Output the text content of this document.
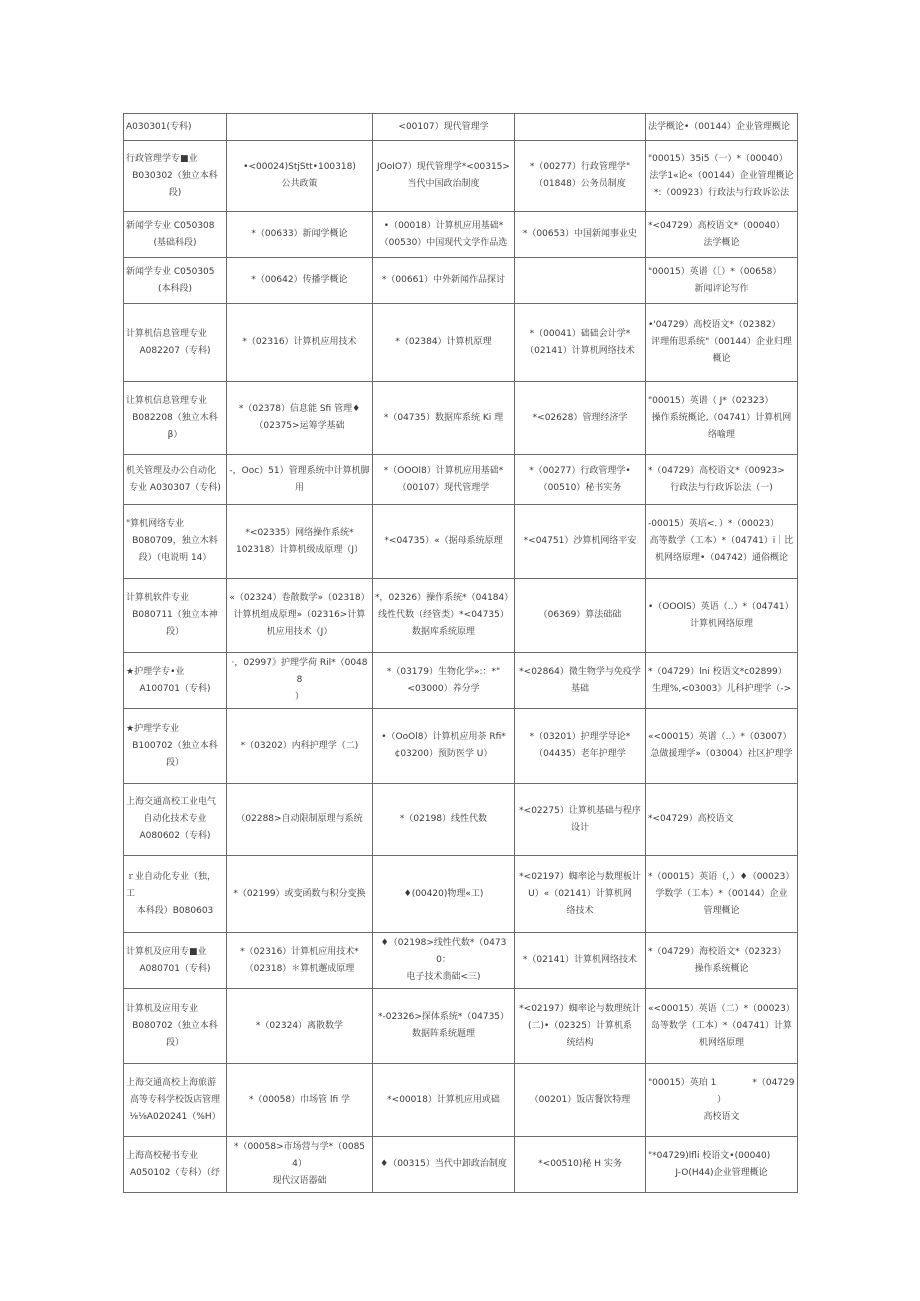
A030301(专科)		<00107）现代管理学		法学概论•（00144）企业管理概论

行政管理学专■业
B030302（独立本科
段)	•<00024)StjStt•100318)
公共政策	JOoIO7）现代管理学*<00315>
当代中国政治制度	*（00277）行政管理学"
（01848）公务员制度	"00015）35i5（一）*（00040）
法学1«论«（00144）企业管理概论
*:（00923）行政法与行政诉讼法

新闻学专业 C050308
(基础科段)	*（00633）新闻学概论	•（00018）计算机应用基础*
（00530）中国现代文学作品选	*（00653）中国新闻事业史	*<04729）高校语文*（00040）
法学概论

新闻学专业 C050305
(本科段)	*（00642）传播学概论	*（00661）中外新闻作品探讨		"00015）英谱（［）*（00658）
新闻评论写作

计算机信息管理专业
A082207（专科)	*（02316）计算机应用技术	*（02384）计算机原理	*（00041）础础会计学*
（02141）计算机网络技术	•'04729）高校语文*（02382）
评理侑思系统"（00144）企业归理
概论

让算机信息管理专业
B082208（独立木科
β）	*（02378）信息能 Sfi 管理♦
（02375>运筹学基础	*（04735）数据库系统 Ki 理	*<02628）管理经济学	"00015）英谱（ J*（02323）
操作系统概论,（04741）计算机网
络喻理

机关管理及办公自动化
专业 A030307（专科)	-，Ooc）51）管理系统中计算机脚
用	*（OOOl8）计算机应用基础*
（00107）现代管理学	*（00277）行政管理学•
（00510）秘书实务	*（04729）高校语文*（00923>
行政法与行政诉讼法（一)

"算机网络专业
B080709，独立木料
段）（电说明 14）	*<02335）网络操作系统*
102318）计算机级成原理（J）	*<04735）«（据母系统原理	*<04751）沙算机网络平安	-00015）英培<．）*（00023）
高等数学（工本）*（04741）i｜比
机网络原理•（04742）通俗概论

计算机软件专业
B080711（独立本神
段）	«（02324）卷散数学»（02318）
计算机组成原理»（02316>计算
机应用技术（J）	*，02326）操作系统*（04184）
线性代数（经管类）*<04735）
数据库系统原理	（06369）算法础础	•（OOOlS）英语（..）*（04741）
计算机网络原理

★护理学专•业
A100701（专科)	·，02997》护理学荷 Ril*（00488
）	*（03179）生物化学»:：*"
<03000）养分学	*<02864）微生物学与免疫学
基础	*（04729）lni 校语文*c02899）
生理%,<03003》儿科护理学（->

★护理学专业
B100702（独立本科
段）	*（03202）内科护理学（二)	•（OoOl8）计算机应用荼 Rfi*
¢03200）预防医学 U）	*（03201）护理学导论*
（04435）老年护理学	«<00015）英谱（..）*（03007）
急做援理学»（03004）社区护理学

上海交通高校工业电气
自动化技术专业
A080602（专科)	（02288>自动限制原理与系统	*（02198）线性代数	*<02275）让算机基础与程序
设计	*<04729）高校语文

ｒ业自动化专业（独，工
本科段）B080603	*（02199）或变函数与积分变换	♦(00420)物理«工)	*<02197）蜘率论与数理板计
U）«（02141）计算机网
络技术	*（00015）英语（，）♦（00023）
学数学（工本）*（00144）企业
管理概论

计算机及应用专■业
A080701（专科)	*（02316）计算机应用技术*
（02318）＊算机邂成原理	♦（02198>线性代数*（04730：
电子技术翡础<三)	*（02141）计算机网络技术	*（04729）海校语文*（02323）
操作系统概论

计算机及应用专业
B080702（独立本科
段）	*（02324）离散数学	*-02326>探体系统*（04735）
数据阵系统题理	*<02197）蜘率论与数理统计
(二)•（02325）计算机系
统结构	«<00015）英语（二）*（00023）
岛等数学（工本）*（04741）计算
机网络原理

上海交通高校上海旅游
高等专科学校饭店管理
⅛⅛A020241（%H）	*（00058）巾场管 lfi 学	*<00018）计算机应用或础	（00201）饭店餐饮特理	"00015）英珀 1　　　　*（04729
）
高校语文

上海高校秘书专业
A050102（专科）（纾	*（00058>市场营与学*（00854）
现代汉语器础	♦（00315）当代中卸政治制度	*<00510)秘 H 实务	"*04729)lfli 校语文•(00040)
J-O(H44)企业管理概论
